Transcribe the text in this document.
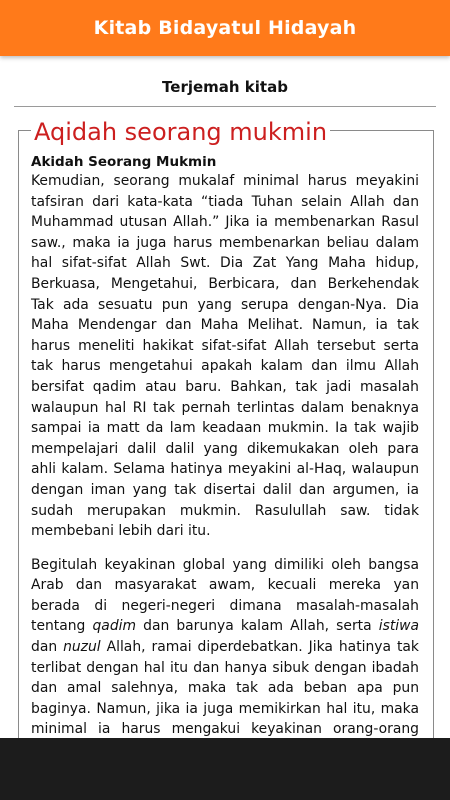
Kitab Bidayatul Hidayah
Terjemah kitab
Aqidah seorang mukmin
Akidah Seorang Mukmin

Kemudian, seorang mukalaf minimal harus meyakini tafsiran dari kata-kata “tiada Tuhan selain Allah dan Muhammad utusan Allah.” Jika ia membenarkan Rasul saw., maka ia juga harus membenarkan beliau dalam hal sifat-sifat Allah Swt. Dia Zat Yang Maha hidup, Berkuasa, Mengetahui, Berbicara, dan Berkehendak Tak ada sesuatu pun yang serupa dengan-Nya. Dia Maha Mendengar dan Maha Melihat. Namun, ia tak harus meneliti hakikat sifat-sifat Allah tersebut serta tak harus mengetahui apakah kalam dan ilmu Allah bersifat qadim atau baru. Bahkan, tak jadi masalah walaupun hal RI tak pernah terlintas dalam benaknya sampai ia matt da lam keadaan mukmin. Ia tak wajib mempelajari dalil dalil yang dikemukakan oleh para ahli kalam. Selama hatinya meyakini al-Haq, walaupun dengan iman yang tak disertai dalil dan argumen, ia sudah merupakan mukmin. Rasulullah saw. tidak membebani lebih dari itu.

Begitulah keyakinan global yang dimiliki oleh bangsa Arab dan masyarakat awam, kecuali mereka yan berada di negeri-negeri dimana masalah-masalah tentang qadim dan barunya kalam Allah, serta istiwa dan nuzul Allah, ramai diperdebatkan. Jika hatinya tak terlibat dengan hal itu dan hanya sibuk dengan ibadah dan amal salehnya, maka tak ada beban apa pun baginya. Namun, jika ia juga memikirkan hal itu, maka minimal ia harus mengakui keyakinan orang-orang
